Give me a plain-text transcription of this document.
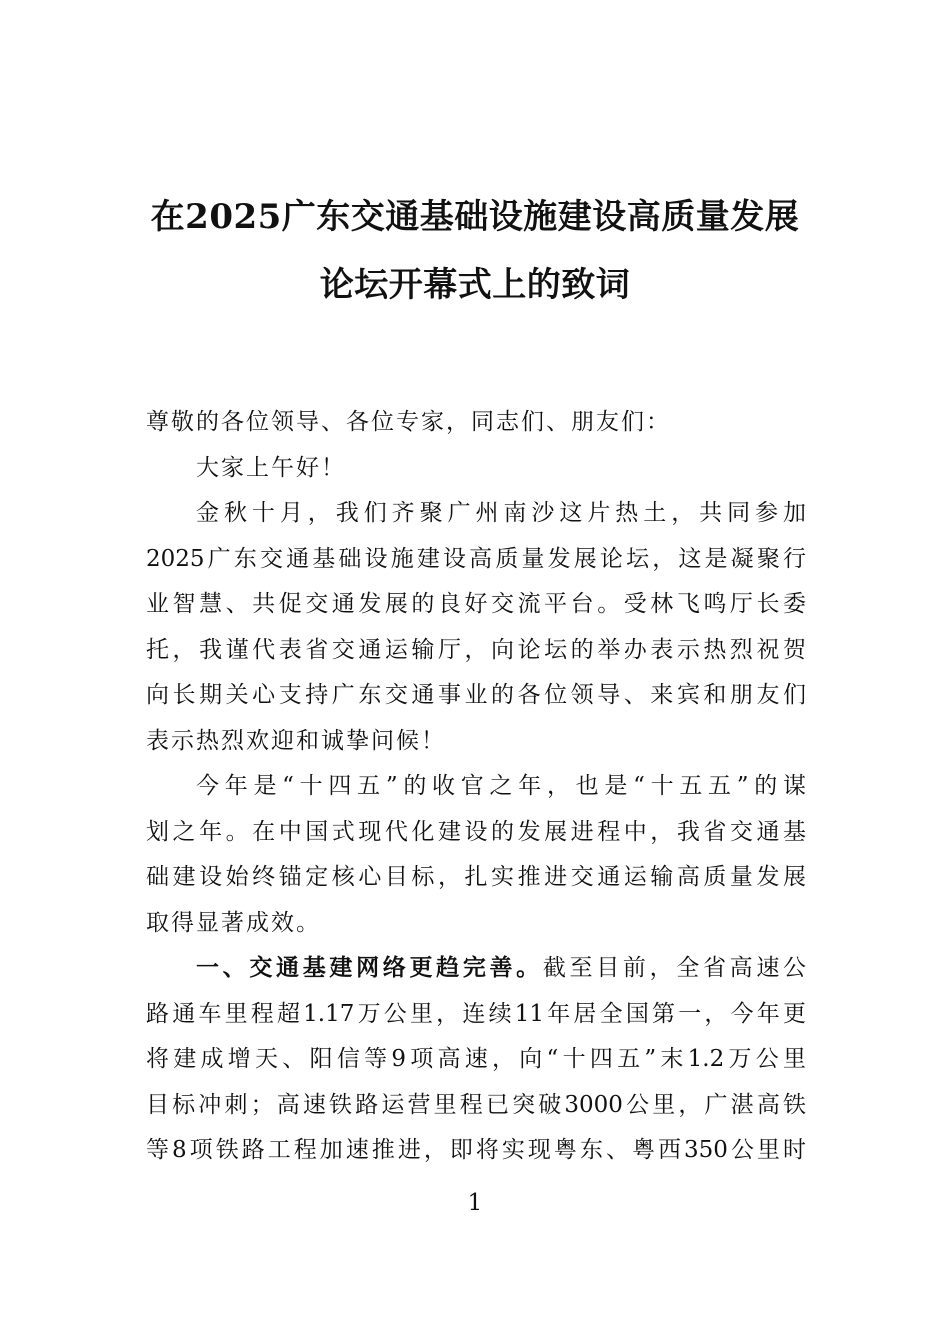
在2025广东交通基础设施建设高质量发展
论坛开幕式上的致词
尊敬的各位领导、各位专家，同志们、朋友们：
大家上午好！
金秋十月，我们齐聚广州南沙这片热土，共同参加
2025广东交通基础设施建设高质量发展论坛，这是凝聚行
业智慧、共促交通发展的良好交流平台。受林飞鸣厅长委
托，我谨代表省交通运输厅，向论坛的举办表示热烈祝贺
向长期关心支持广东交通事业的各位领导、来宾和朋友们
表示热烈欢迎和诚挚问候！
今年是“十四五”的收官之年，也是“十五五”的谋
划之年。在中国式现代化建设的发展进程中，我省交通基
础建设始终锚定核心目标，扎实推进交通运输高质量发展
取得显著成效。
一、交通基建网络更趋完善。截至目前，全省高速公
路通车里程超1.17万公里，连续11年居全国第一，今年更
将建成增天、阳信等9项高速，向“十四五”末1.2万公里
目标冲刺；高速铁路运营里程已突破3000公里，广湛高铁
等8项铁路工程加速推进，即将实现粤东、粤西350公里时
1
